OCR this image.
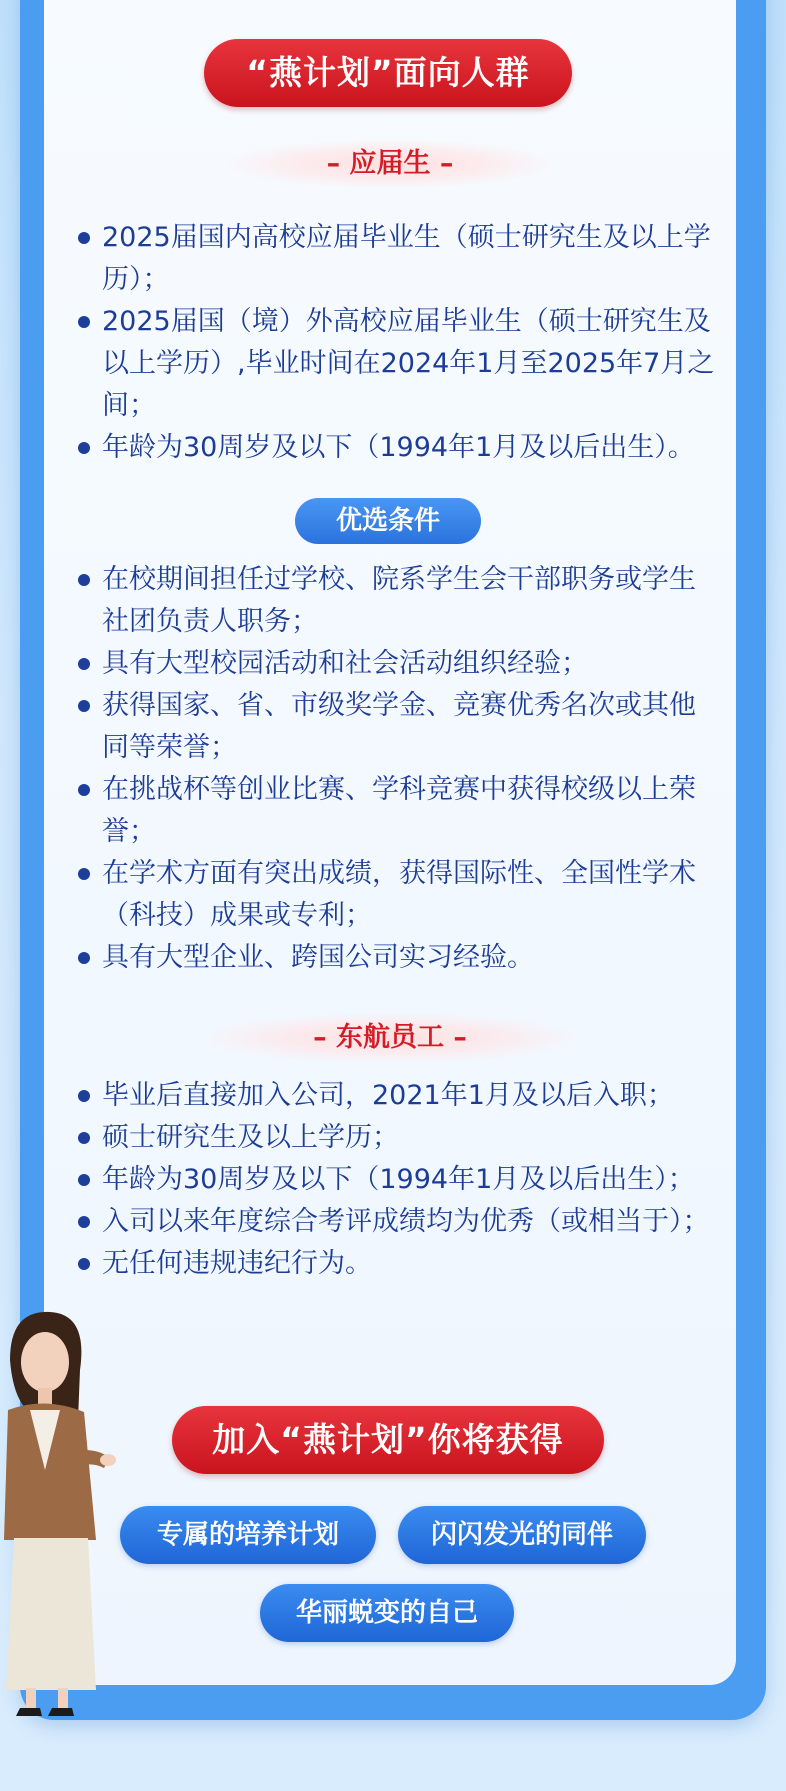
“燕计划”面向人群
– 应届生 –
2025届国内高校应届毕业生（硕士研究生及以上学历）；
2025届国（境）外高校应届毕业生（硕士研究生及以上学历）,毕业时间在2024年1月至2025年7月之间；
年龄为30周岁及以下（1994年1月及以后出生）。
优选条件
在校期间担任过学校、院系学生会干部职务或学生社团负责人职务；
具有大型校园活动和社会活动组织经验；
获得国家、省、市级奖学金、竞赛优秀名次或其他同等荣誉；
在挑战杯等创业比赛、学科竞赛中获得校级以上荣誉；
在学术方面有突出成绩，获得国际性、全国性学术（科技）成果或专利；
具有大型企业、跨国公司实习经验。
– 东航员工 –
毕业后直接加入公司，2021年1月及以后入职；
硕士研究生及以上学历；
年龄为30周岁及以下（1994年1月及以后出生）；
入司以来年度综合考评成绩均为优秀（或相当于）；
无任何违规违纪行为。
加入“燕计划”你将获得
专属的培养计划	闪闪发光的同伴
华丽蜕变的自己
